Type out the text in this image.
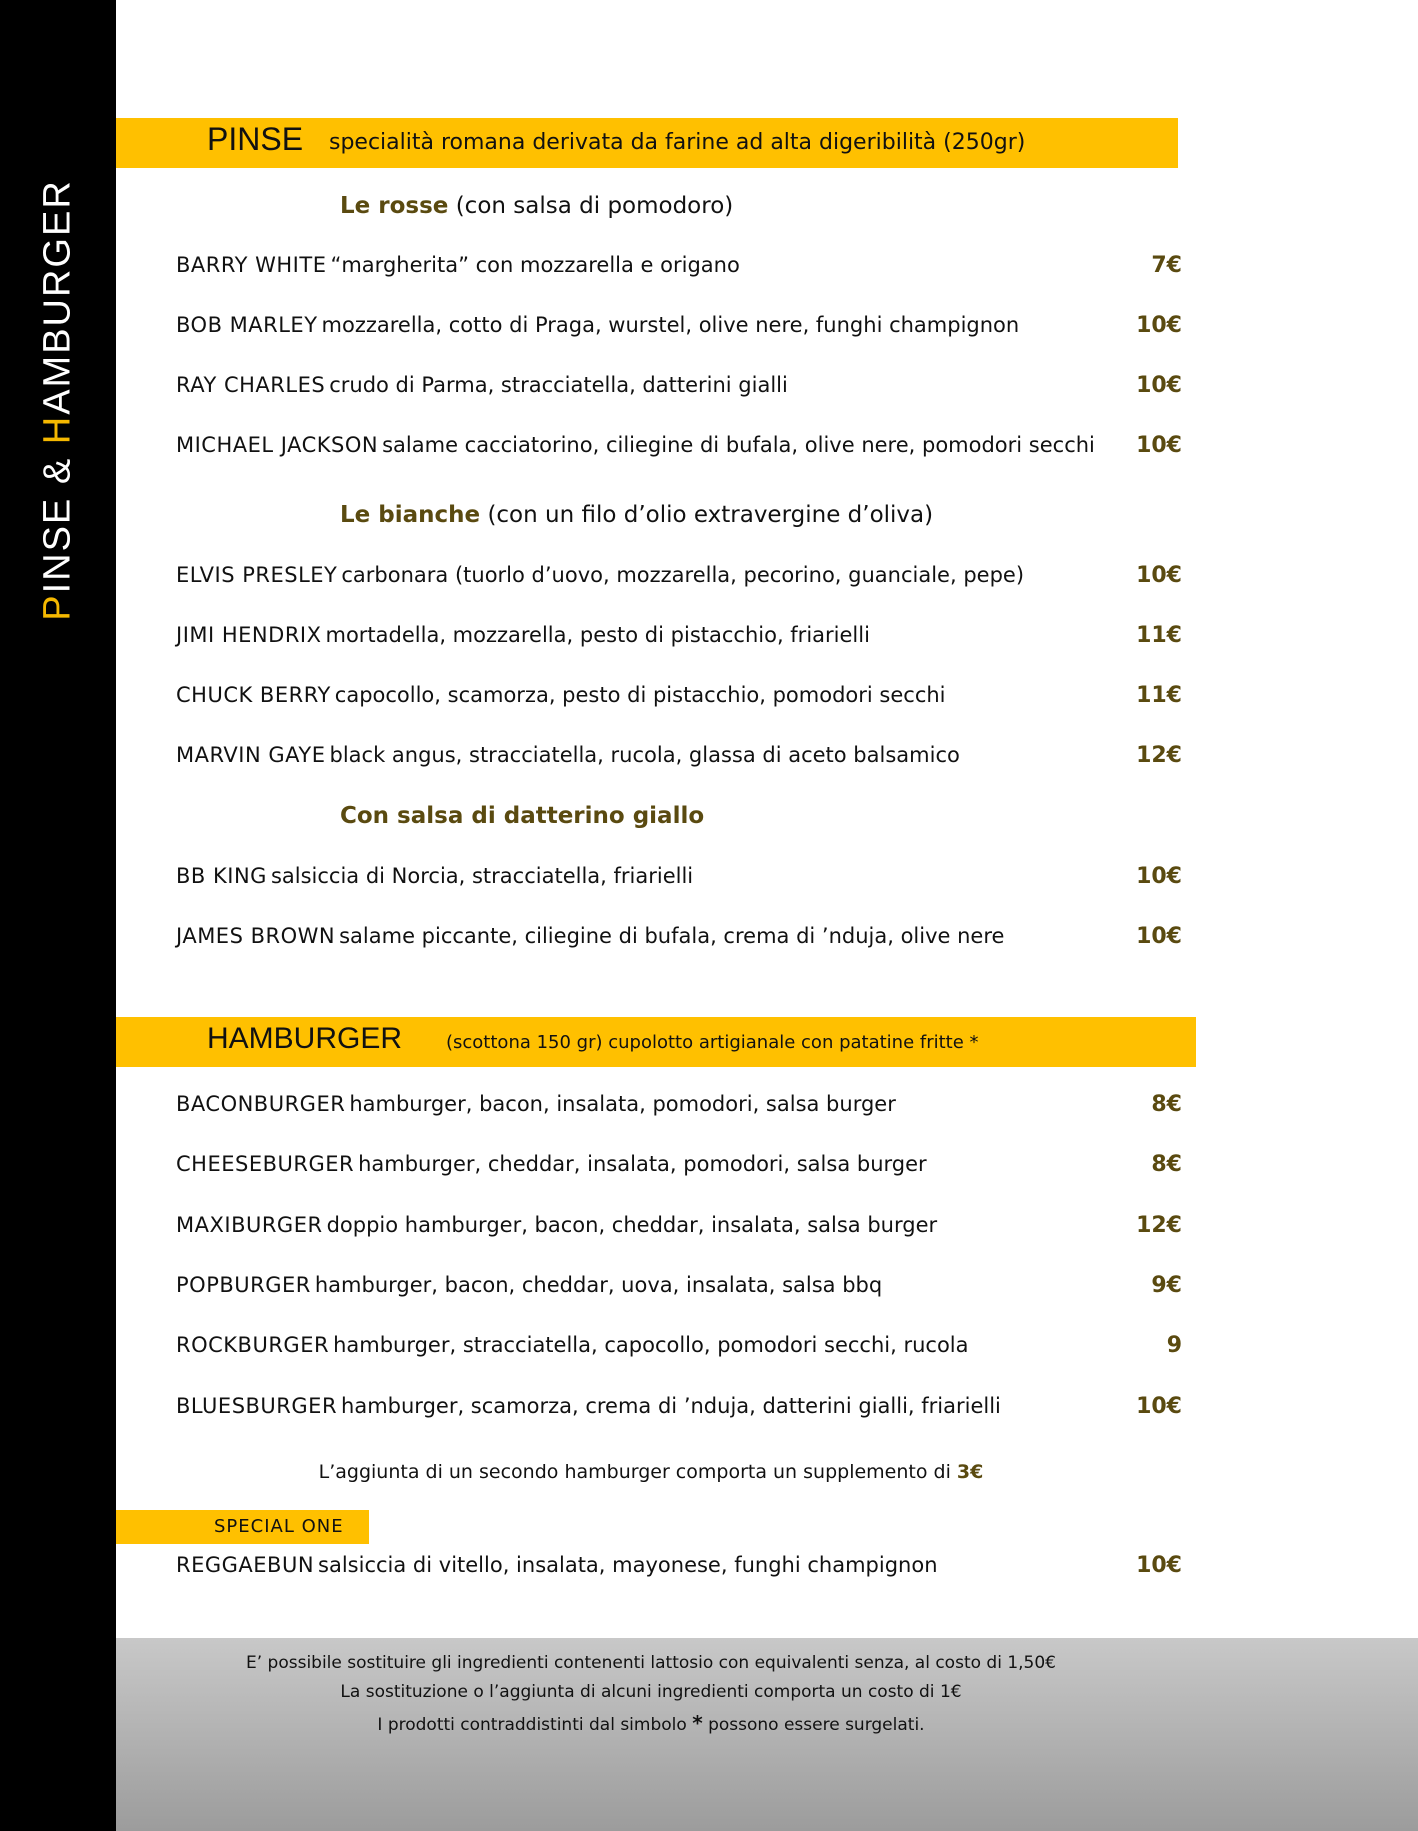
PINSE & HAMBURGER
PINSE specialità romana derivata da farine ad alta digeribilità (250gr)
Le rosse (con salsa di pomodoro)
BARRY WHITE “margherita” con mozzarella e origano	7€
BOB MARLEY mozzarella, cotto di Praga, wurstel, olive nere, funghi champignon	10€
RAY CHARLES crudo di Parma, stracciatella, datterini gialli	10€
MICHAEL JACKSON salame cacciatorino, ciliegine di bufala, olive nere, pomodori secchi 10€
Le bianche (con un filo d’olio extravergine d’oliva)
ELVIS PRESLEY carbonara (tuorlo d’uovo, mozzarella, pecorino, guanciale, pepe)	10€
JIMI HENDRIX mortadella, mozzarella, pesto di pistacchio, friarielli	11€
CHUCK BERRY capocollo, scamorza, pesto di pistacchio, pomodori secchi	11€
MARVIN GAYE black angus, stracciatella, rucola, glassa di aceto balsamico	12€
Con salsa di datterino giallo
BB KING salsiccia di Norcia, stracciatella, friarielli	10€
JAMES BROWN salame piccante, ciliegine di bufala, crema di ’nduja, olive nere	10€
HAMBURGER (scottona 150 gr) cupolotto artigianale con patatine fritte *
BACONBURGER hamburger, bacon, insalata, pomodori, salsa burger	8€
CHEESEBURGER hamburger, cheddar, insalata, pomodori, salsa burger	8€
MAXIBURGER doppio hamburger, bacon, cheddar, insalata, salsa burger	12€
POPBURGER hamburger, bacon, cheddar, uova, insalata, salsa bbq	9€
ROCKBURGER hamburger, stracciatella, capocollo, pomodori secchi, rucola	9
BLUESBURGER hamburger, scamorza, crema di ’nduja, datterini gialli, friarielli	10€
L’aggiunta di un secondo hamburger comporta un supplemento di 3€
SPECIAL ONE
REGGAEBUN salsiccia di vitello, insalata, mayonese, funghi champignon	10€
E’ possibile sostituire gli ingredienti contenenti lattosio con equivalenti senza, al costo di 1,50€
La sostituzione o l’aggiunta di alcuni ingredienti comporta un costo di 1€
I prodotti contraddistinti dal simbolo * possono essere surgelati.
